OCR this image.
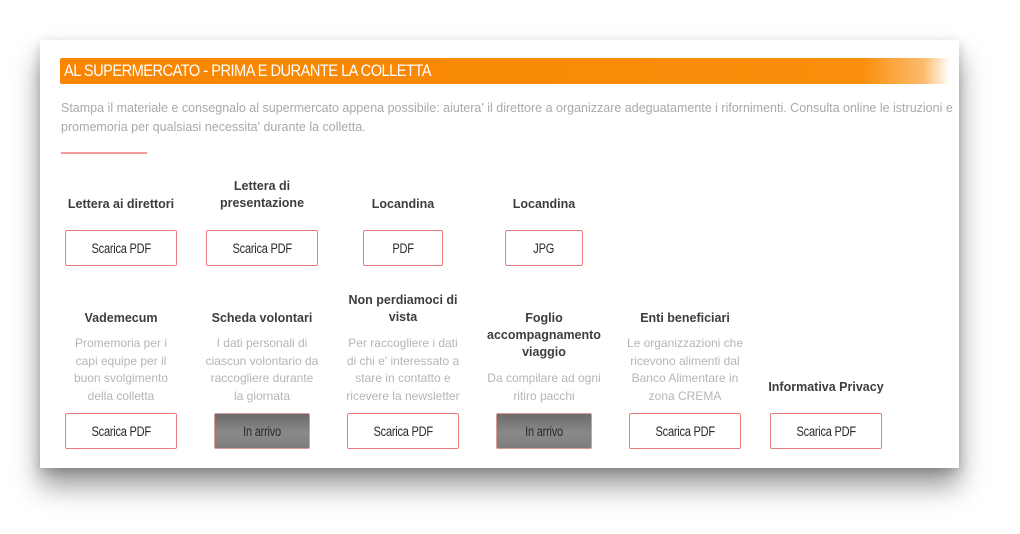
AL SUPERMERCATO - PRIMA E DURANTE LA COLLETTA
Stampa il materiale e consegnalo al supermercato appena possibile: aiutera' il direttore a organizzare adeguatamente i rifornimenti. Consulta online le istruzioni e
promemoria per qualsiasi necessita' durante la colletta.
Lettera ai direttori
Scarica PDF
Lettera di
presentazione
Scarica PDF
Locandina
PDF
Locandina
JPG
Vademecum
Promemoria per i
capi equipe per il
buon svolgimento
della colletta
Scarica PDF
Scheda volontari
I dati personali di
ciascun volontario da
raccogliere durante
la giornata
In arrivo
Non perdiamoci di
vista
Per raccogliere i dati
di chi e' interessato a
stare in contatto e
ricevere la newsletter
Scarica PDF
Foglio
accompagnamento
viaggio
Da compilare ad ogni
ritiro pacchi
In arrivo
Enti beneficiari
Le organizzazioni che
ricevono alimenti dal
Banco Alimentare in
zona CREMA
Scarica PDF
Informativa Privacy
Scarica PDF
